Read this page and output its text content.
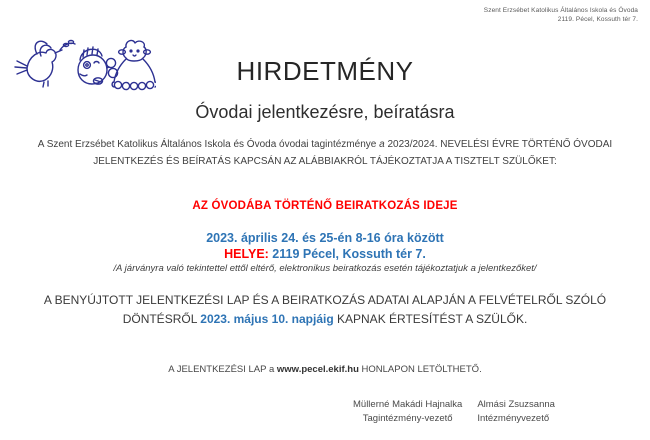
Szent Erzsébet Katolikus Általános Iskola és Óvoda
2119. Pécel, Kossuth tér 7.
HIRDETMÉNY
Óvodai jelentkezésre, beíratásra
A Szent Erzsébet Katolikus Általános Iskola és Óvoda óvodai tagintézménye a 2023/2024. NEVELÉSI ÉVRE TÖRTÉNŐ ÓVODAI JELENTKEZÉS ÉS BEÍRATÁS KAPCSÁN AZ ALÁBBIAKRÓL TÁJÉKOZTATJA A TISZTELT SZÜLŐKET:
AZ ÓVODÁBA TÖRTÉNŐ BEIRATKOZÁS IDEJE
2023. április 24. és 25-én 8-16 óra között
HELYE: 2119 Pécel, Kossuth tér 7.
/A járványra való tekintettel ettől eltérő, elektronikus beiratkozás esetén tájékoztatjuk a jelentkezőket/
A BENYÚJTOTT JELENTKEZÉSI LAP ÉS A BEIRATKOZÁS ADATAI ALAPJÁN A FELVÉTELRŐL SZÓLÓ DÖNTÉSRŐL 2023. május 10. napjáig KAPNAK ÉRTESÍTÉST A SZÜLŐK.
A JELENTKEZÉSI LAP a www.pecel.ekif.hu HONLAPON LETÖLTHETŐ.
Müllerné Makádi Hajnalka
Tagintézmény-vezető
Almási Zsuzsanna
Intézményvezető
